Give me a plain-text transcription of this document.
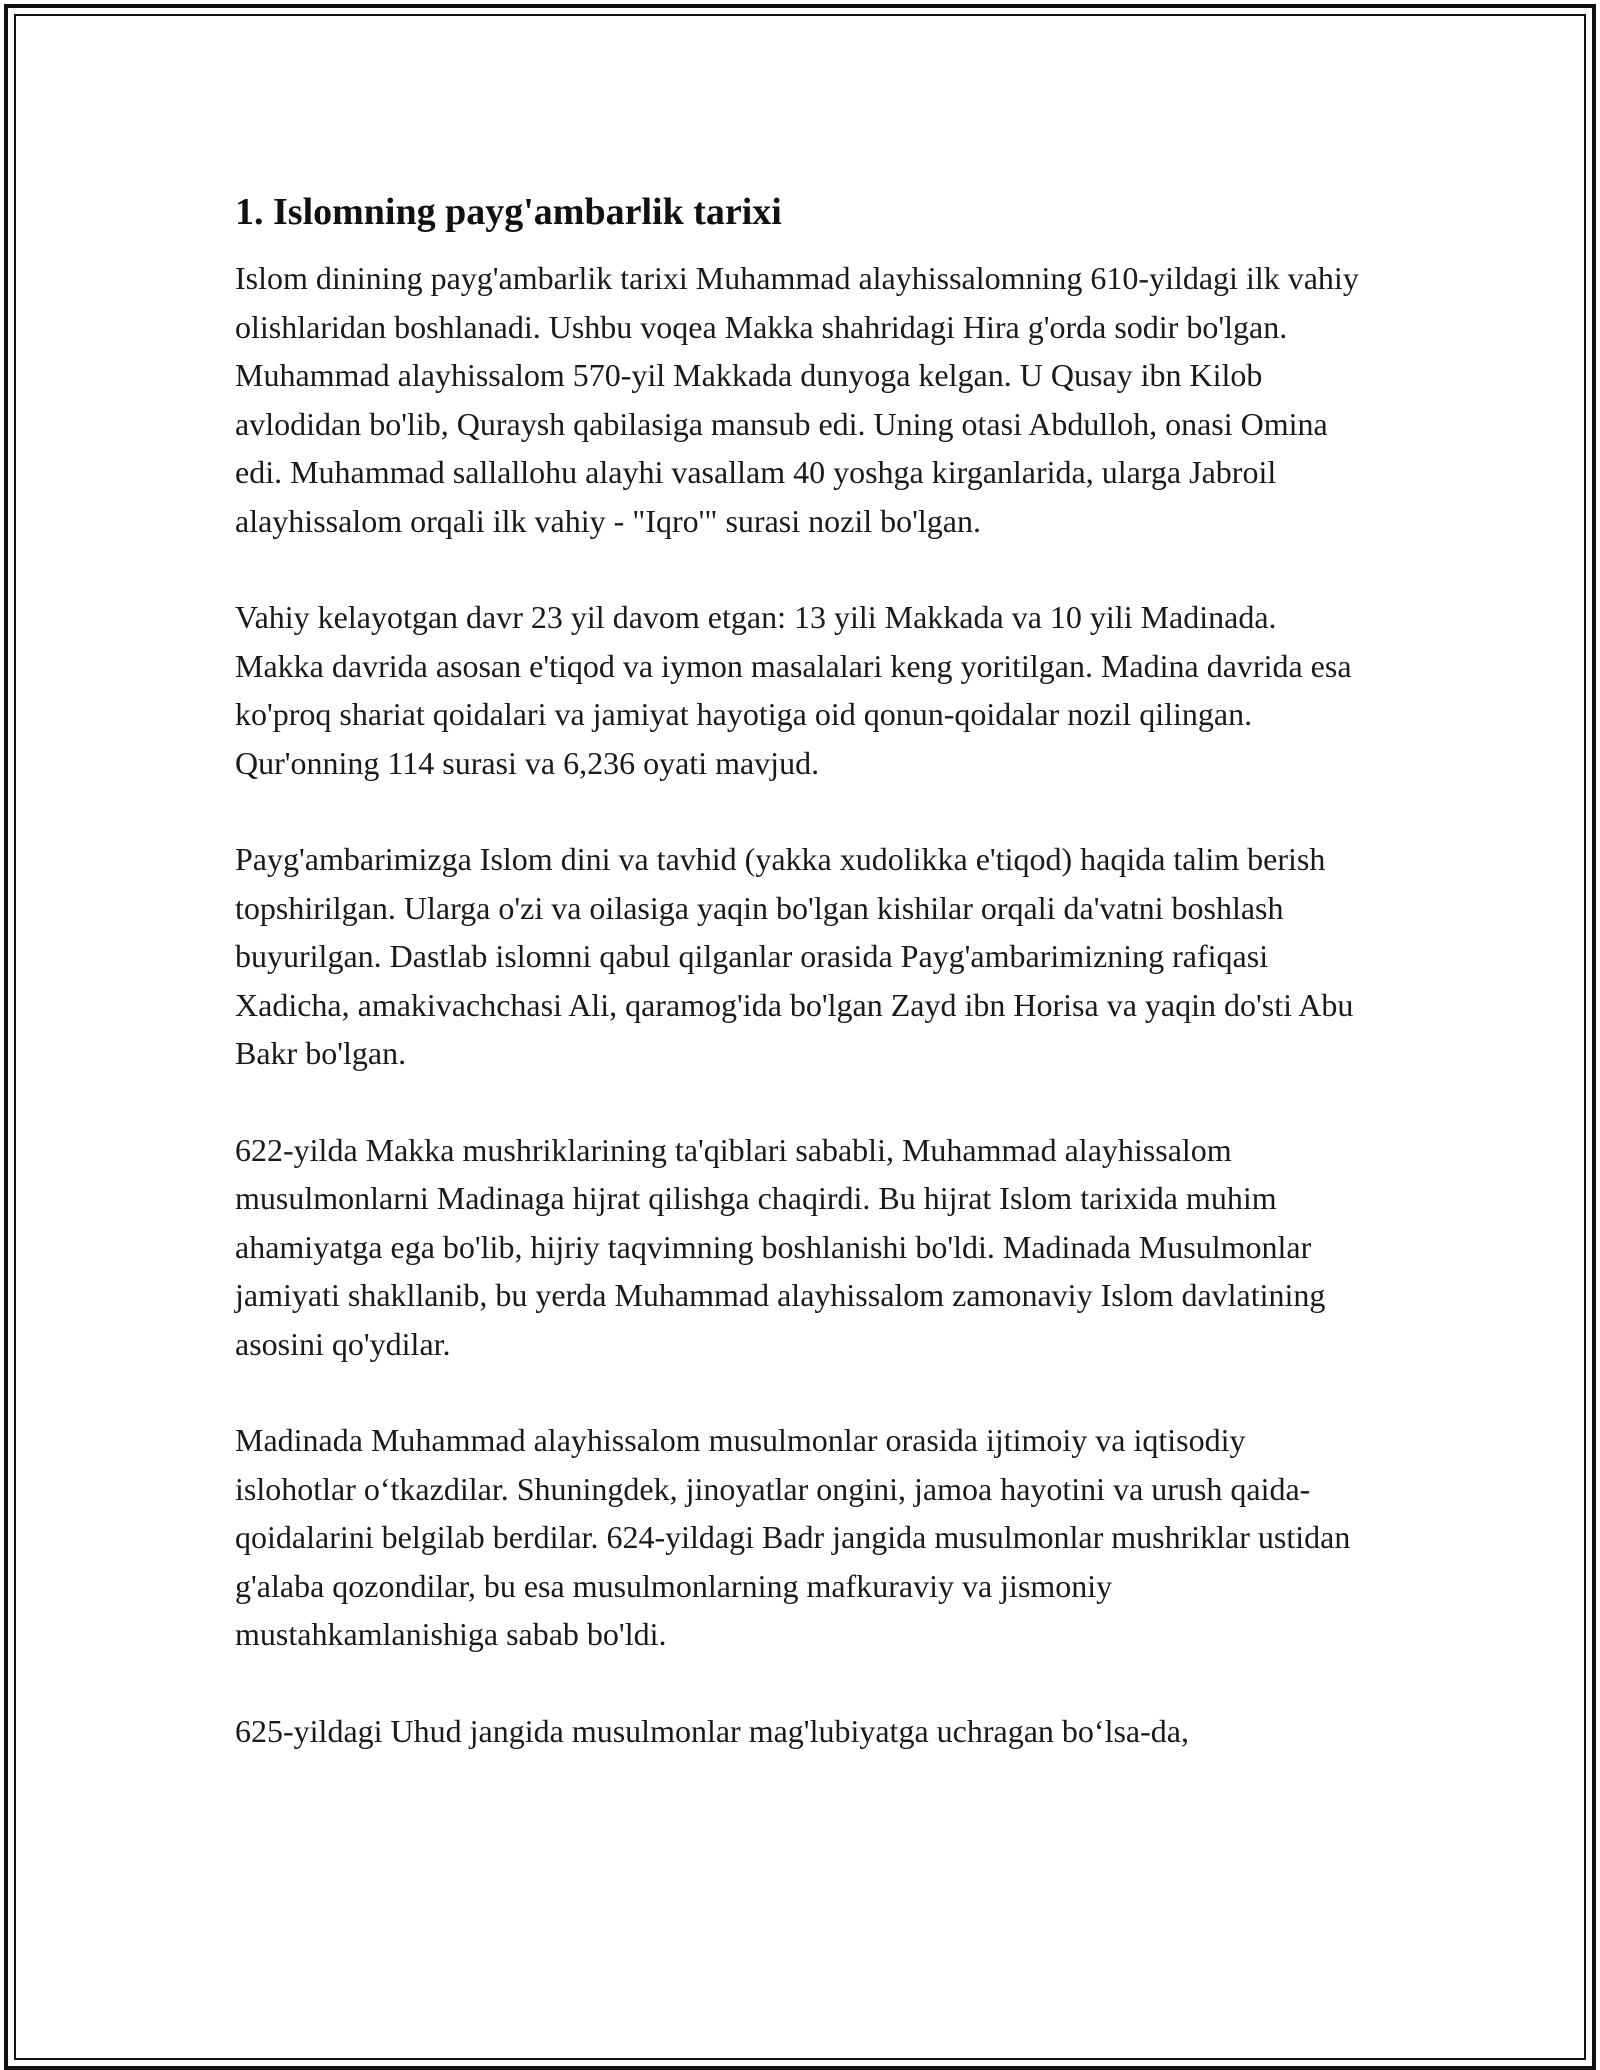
1. Islomning payg'ambarlik tarixi

Islom dinining payg'ambarlik tarixi Muhammad alayhissalomning 610-yildagi ilk vahiy olishlaridan boshlanadi. Ushbu voqea Makka shahridagi Hira g'orda sodir bo'lgan. Muhammad alayhissalom 570-yil Makkada dunyoga kelgan. U Qusay ibn Kilob avlodidan bo'lib, Quraysh qabilasiga mansub edi. Uning otasi Abdulloh, onasi Omina edi. Muhammad sallallohu alayhi vasallam 40 yoshga kirganlarida, ularga Jabroil alayhissalom orqali ilk vahiy - "Iqro'" surasi nozil bo'lgan.

Vahiy kelayotgan davr 23 yil davom etgan: 13 yili Makkada va 10 yili Madinada. Makka davrida asosan e'tiqod va iymon masalalari keng yoritilgan. Madina davrida esa ko'proq shariat qoidalari va jamiyat hayotiga oid qonun-qoidalar nozil qilingan. Qur'onning 114 surasi va 6,236 oyati mavjud.

Payg'ambarimizga Islom dini va tavhid (yakka xudolikka e'tiqod) haqida talim berish topshirilgan. Ularga o'zi va oilasiga yaqin bo'lgan kishilar orqali da'vatni boshlash buyurilgan. Dastlab islomni qabul qilganlar orasida Payg'ambarimizning rafiqasi Xadicha, amakivachchasi Ali, qaramog'ida bo'lgan Zayd ibn Horisa va yaqin do'sti Abu Bakr bo'lgan.

622-yilda Makka mushriklarining ta'qiblari sababli, Muhammad alayhissalom musulmonlarni Madinaga hijrat qilishga chaqirdi. Bu hijrat Islom tarixida muhim ahamiyatga ega bo'lib, hijriy taqvimning boshlanishi bo'ldi. Madinada Musulmonlar jamiyati shakllanib, bu yerda Muhammad alayhissalom zamonaviy Islom davlatining asosini qo'ydilar.

Madinada Muhammad alayhissalom musulmonlar orasida ijtimoiy va iqtisodiy islohotlar o‘tkazdilar. Shuningdek, jinoyatlar ongini, jamoa hayotini va urush qaida-qoidalarini belgilab berdilar. 624-yildagi Badr jangida musulmonlar mushriklar ustidan g'alaba qozondilar, bu esa musulmonlarning mafkuraviy va jismoniy mustahkamlanishiga sabab bo'ldi.

625-yildagi Uhud jangida musulmonlar mag'lubiyatga uchragan bo‘lsa-da,
